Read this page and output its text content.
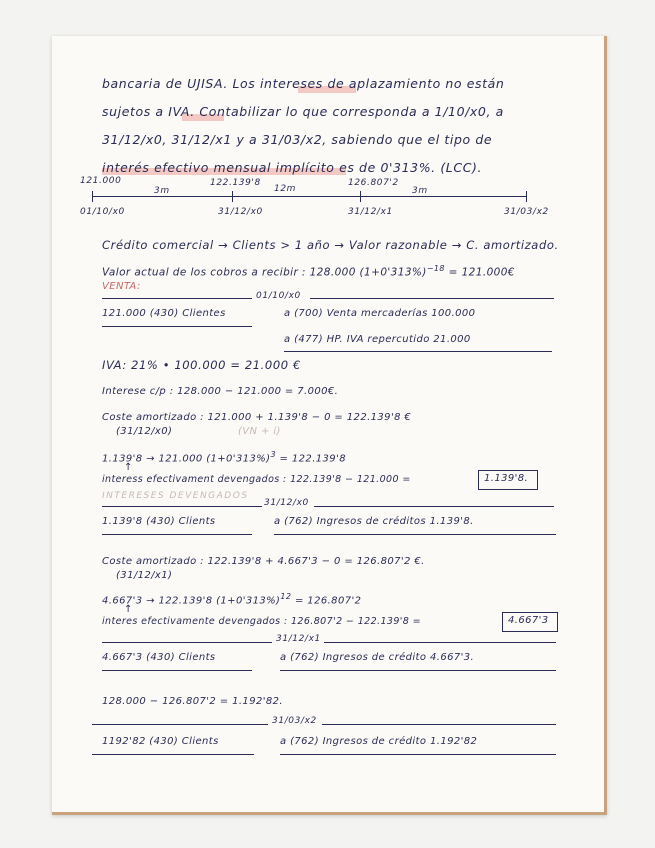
bancaria de UJISA. Los intereses de aplazamiento no están
sujetos a IVA. Contabilizar lo que corresponda a 1/10/x0, a
31/12/x0, 31/12/x1 y a 31/03/x2, sabiendo que el tipo de
interés efectivo mensual implícito es de 0'313%. (LCC).
121.000	122.139'8	126.807'2
3m	12m	3m
01/10/x0	31/12/x0	31/12/x1	31/03/x2
Crédito comercial → Clients > 1 año → Valor razonable → C. amortizado.
Valor actual de los cobros a recibir : 128.000 $(1+0'313\%)^{-18}$ = 121.000€
VENTA:
01/10/x0
121.000 (430) Clientes	a (700) Venta mercaderías 100.000
a (477) HP. IVA repercutido 21.000
IVA: 21% • 100.000 = 21.000 €
Interese c/p : 128.000 − 121.000 = 7.000€.
Coste amortizado : 121.000 + 1.139'8 − 0 = 122.139'8 €
(31/12/x0)	(VN + i)
1.139'8 → 121.000 $(1+0'313\%)^3 = 122.139'8$
↑
interess efectivament devengados : 122.139'8 − 121.000 =	1.139'8.
INTERESES DEVENGADOS
31/12/x0
1.139'8 (430) Clients	a (762) Ingresos de créditos 1.139'8.
Coste amortizado : 122.139'8 + 4.667'3 − 0 = 126.807'2 €.
(31/12/x1)
4.667'3 → 122.139'8 $(1+0'313\%)^{12} = 126.807'2$
↑
interes efectivamente devengados : 126.807'2 − 122.139'8 =	4.667'3
31/12/x1
4.667'3 (430) Clients	a (762) Ingresos de crédito 4.667'3.
128.000 − 126.807'2 = 1.192'82.
31/03/x2
1192'82 (430) Clients	a (762) Ingresos de crédito 1.192'82
